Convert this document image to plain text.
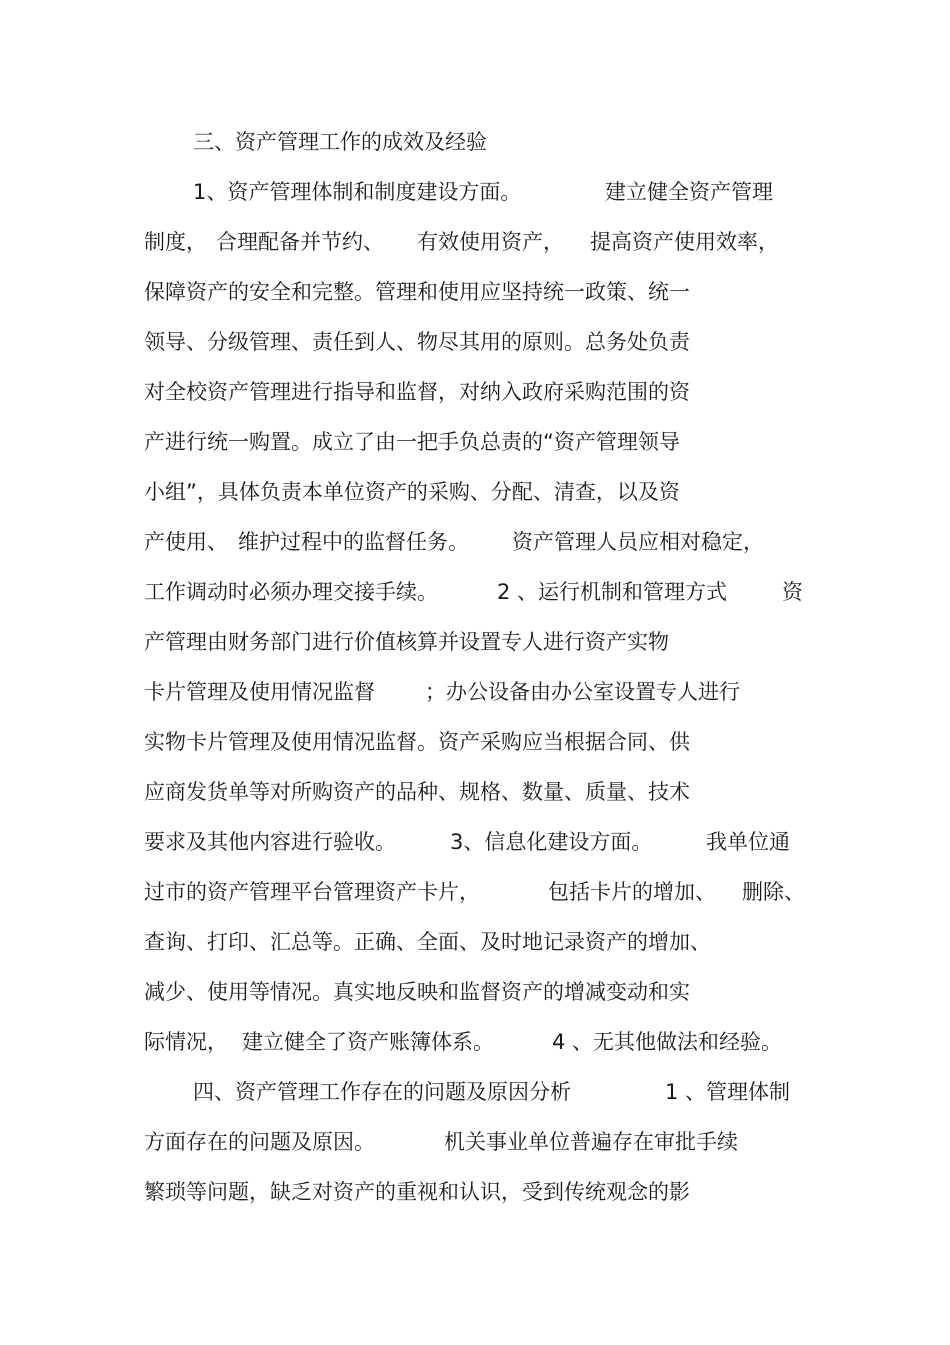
三、资产管理工作的成效及经验
1、资产管理体制和制度建设方面。	建立健全资产管理
制度， 合理配备并节约、 有效使用资产， 提高资产使用效率，
保障资产的安全和完整。管理和使用应坚持统一政策、统一
领导、分级管理、责任到人、物尽其用的原则。总务处负责
对全校资产管理进行指导和监督，对纳入政府采购范围的资
产进行统一购置。成立了由一把手负总责的“资产管理领导
小组”，具体负责本单位资产的采购、分配、清查，以及资
产使用、 维护过程中的监督任务。 资产管理人员应相对稳定，
工作调动时必须办理交接手续。	2 、运行机制和管理方式	资
产管理由财务部门进行价值核算并设置专人进行资产实物
卡片管理及使用情况监督 ；办公设备由办公室设置专人进行
实物卡片管理及使用情况监督。资产采购应当根据合同、供
应商发货单等对所购资产的品种、规格、数量、质量、技术
要求及其他内容进行验收。	3、信息化建设方面。	我单位通
过市的资产管理平台管理资产卡片，	包括卡片的增加、 删除、
查询、打印、汇总等。正确、全面、及时地记录资产的增加、
减少、使用等情况。真实地反映和监督资产的增减变动和实
际情况， 建立健全了资产账簿体系。	4 、无其他做法和经验。
四、资产管理工作存在的问题及原因分析	1 、管理体制
方面存在的问题及原因。	机关事业单位普遍存在审批手续
繁琐等问题，缺乏对资产的重视和认识，受到传统观念的影
